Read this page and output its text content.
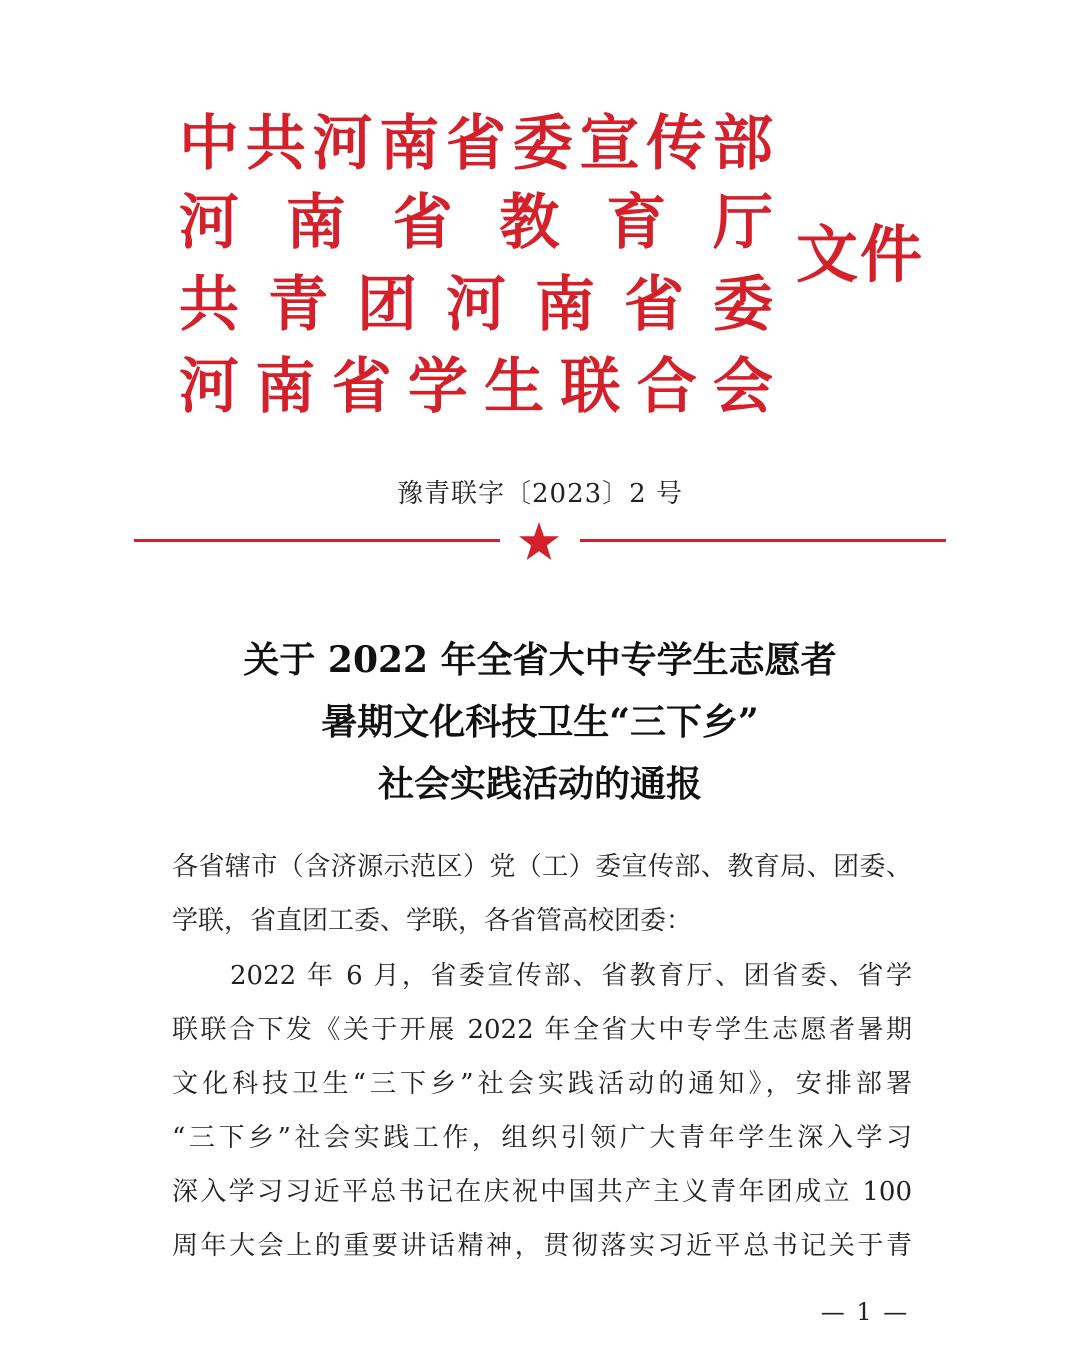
中 共 河 南 省 委 宣 传 部
河 南 省 教 育 厅
共 青 团 河 南 省 委
河 南 省 学 生 联 合 会
文件
豫青联字〔2023〕2 号
关于 2022 年全省大中专学生志愿者
暑期文化科技卫生“三下乡”
社会实践活动的通报
各省辖市（含济源示范区）党（工）委宣传部、教育局、团委、
学联，省直团工委、学联，各省管高校团委：
2022 年 6 月，省委宣传部、省教育厅、团省委、省学
联联合下发《关于开展 2022 年全省大中专学生志愿者暑期
文化科技卫生“三下乡”社会实践活动的通知》，安排部署
“三下乡”社会实践工作，组织引领广大青年学生深入学习
深入学习习近平总书记在庆祝中国共产主义青年团成立 100
周年大会上的重要讲话精神，贯彻落实习近平总书记关于青
— 1 —
